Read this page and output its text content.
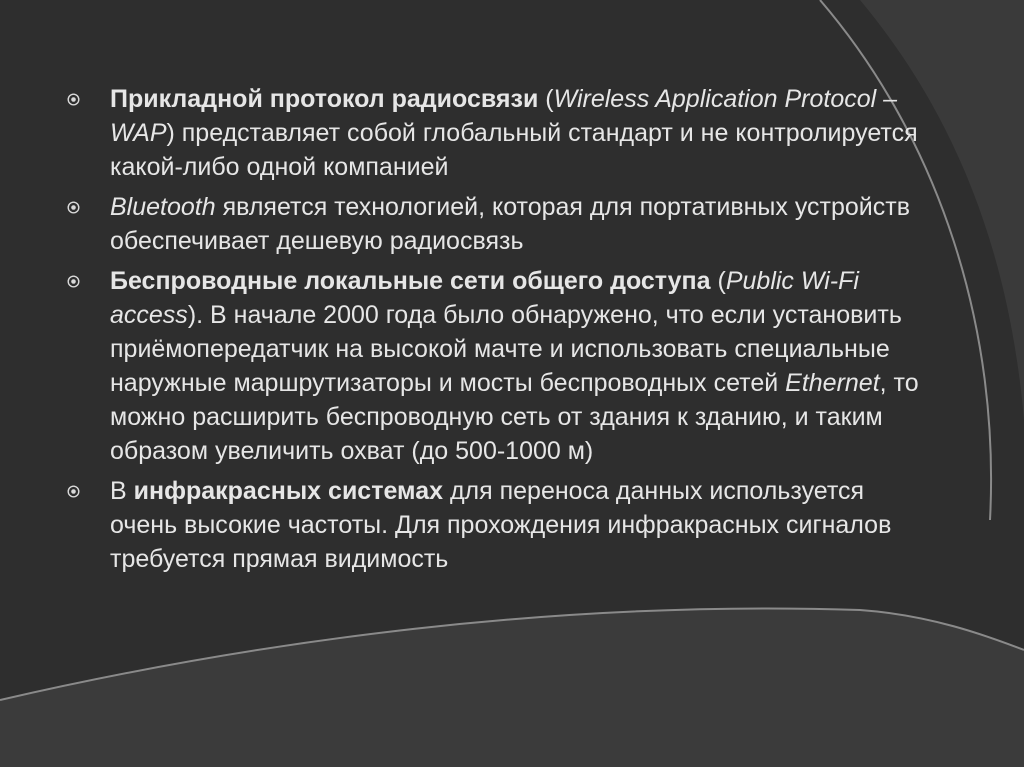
Прикладной протокол радиосвязи (Wireless Application Protocol – WAP) представляет собой глобальный стандарт и не контролируется какой-либо одной компанией
Bluetooth является технологией, которая для портативных устройств обеспечивает дешевую радиосвязь
Беспроводные локальные сети общего доступа (Public Wi-Fi access). В начале 2000 года было обнаружено, что если установить приёмопередатчик на высокой мачте и использовать специальные наружные маршрутизаторы и мосты беспроводных сетей Ethernet, то можно расширить беспроводную сеть от здания к зданию, и таким образом увеличить охват (до 500-1000 м)
В инфракрасных системах для переноса данных используется очень высокие частоты. Для прохождения инфракрасных сигналов требуется прямая видимость
